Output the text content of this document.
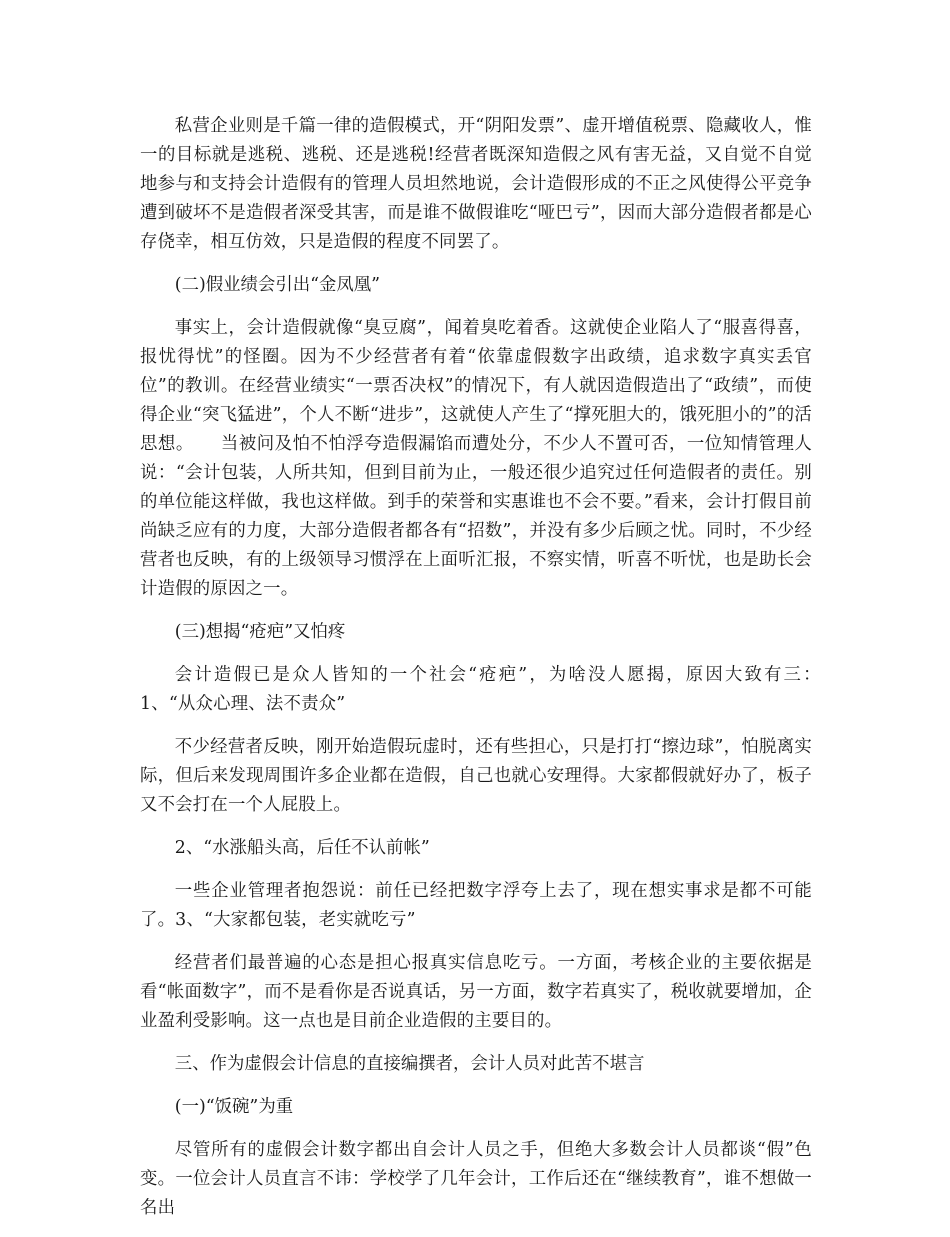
私营企业则是千篇一律的造假模式，开“阴阳发票”、虚开增值税票、隐藏收人，惟一的目标就是逃税、逃税、还是逃税!经营者既深知造假之风有害无益，又自觉不自觉地参与和支持会计造假有的管理人员坦然地说，会计造假形成的不正之风使得公平竞争遭到破坏不是造假者深受其害，而是谁不做假谁吃“哑巴亏”，因而大部分造假者都是心存侥幸，相互仿效，只是造假的程度不同罢了。

(二)假业绩会引出“金凤凰”

事实上，会计造假就像“臭豆腐”，闻着臭吃着香。这就使企业陷人了“服喜得喜，报忧得忧”的怪圈。因为不少经营者有着“依靠虚假数字出政绩，追求数字真实丢官位”的教训。在经营业绩实“一票否决权”的情况下，有人就因造假造出了“政绩”，而使得企业“突飞猛进”，个人不断“进步”，这就使人产生了“撑死胆大的，饿死胆小的”的活思想。　　当被问及怕不怕浮夸造假漏馅而遭处分，不少人不置可否，一位知情管理人说：“会计包装，人所共知，但到目前为止，一般还很少追究过任何造假者的责任。别的单位能这样做，我也这样做。到手的荣誉和实惠谁也不会不要。”看来，会计打假目前尚缺乏应有的力度，大部分造假者都各有“招数”，并没有多少后顾之忧。同时，不少经营者也反映，有的上级领导习惯浮在上面听汇报，不察实情，听喜不听忧，也是助长会计造假的原因之一。

(三)想揭“疮疤”又怕疼

会计造假已是众人皆知的一个社会“疮疤”，为啥没人愿揭，原因大致有三：　1、“从众心理、法不责众”

不少经营者反映，刚开始造假玩虚时，还有些担心，只是打打“擦边球”，怕脱离实际，但后来发现周围许多企业都在造假，自己也就心安理得。大家都假就好办了，板子又不会打在一个人屁股上。

2、“水涨船头高，后任不认前帐”

一些企业管理者抱怨说：前任已经把数字浮夸上去了，现在想实事求是都不可能了。3、“大家都包装，老实就吃亏”

经营者们最普遍的心态是担心报真实信息吃亏。一方面，考核企业的主要依据是看“帐面数字”，而不是看你是否说真话，另一方面，数字若真实了，税收就要增加，企业盈利受影响。这一点也是目前企业造假的主要目的。

三、作为虚假会计信息的直接编撰者，会计人员对此苦不堪言

(一)“饭碗”为重

尽管所有的虚假会计数字都出自会计人员之手，但绝大多数会计人员都谈“假”色变。一位会计人员直言不讳：学校学了几年会计，工作后还在“继续教育”，谁不想做一名出
